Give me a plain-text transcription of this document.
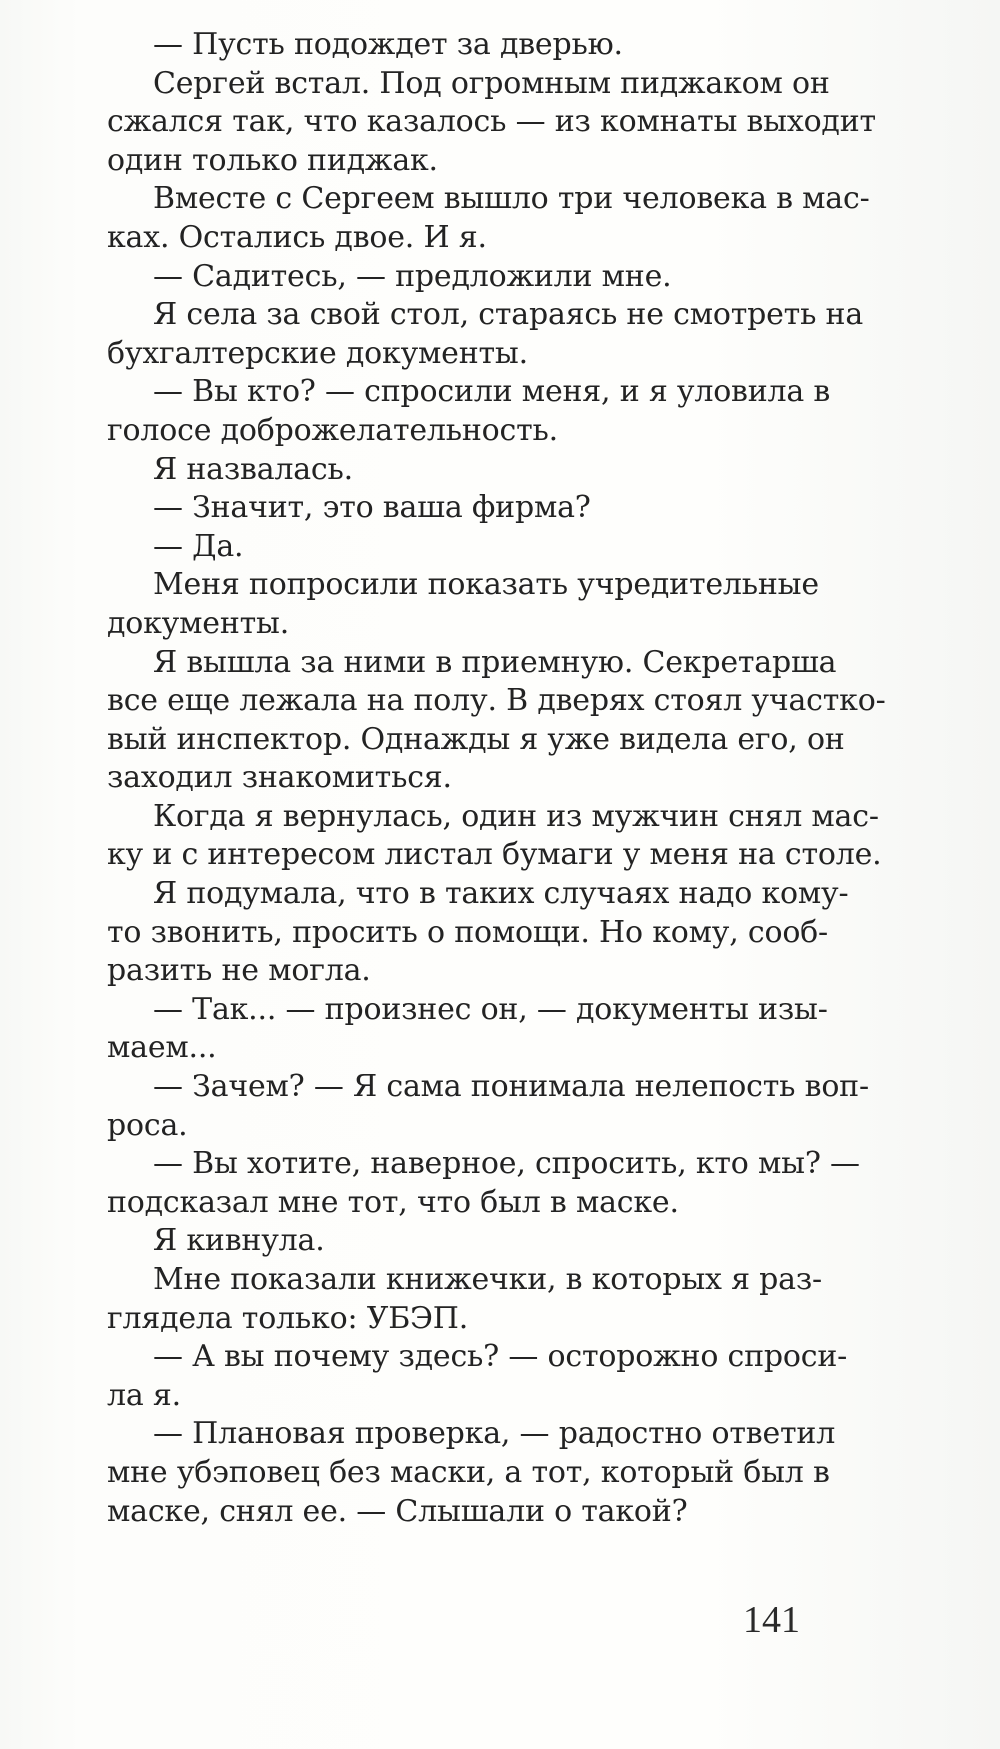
— Пусть подождет за дверью.
Сергей встал. Под огромным пиджаком он
сжался так, что казалось — из комнаты выходит
один только пиджак.
Вместе с Сергеем вышло три человека в мас-
ках. Остались двое. И я.
— Садитесь, — предложили мне.
Я села за свой стол, стараясь не смотреть на
бухгалтерские документы.
— Вы кто? — спросили меня, и я уловила в
голосе доброжелательность.
Я назвалась.
— Значит, это ваша фирма?
— Да.
Меня попросили показать учредительные
документы.
Я вышла за ними в приемную. Секретарша
все еще лежала на полу. В дверях стоял участко-
вый инспектор. Однажды я уже видела его, он
заходил знакомиться.
Когда я вернулась, один из мужчин снял мас-
ку и с интересом листал бумаги у меня на столе.
Я подумала, что в таких случаях надо кому-
то звонить, просить о помощи. Но кому, сооб-
разить не могла.
— Так... — произнес он, — документы изы-
маем...
— Зачем? — Я сама понимала нелепость воп-
роса.
— Вы хотите, наверное, спросить, кто мы? —
подсказал мне тот, что был в маске.
Я кивнула.
Мне показали книжечки, в которых я раз-
глядела только: УБЭП.
— А вы почему здесь? — осторожно спроси-
ла я.
— Плановая проверка, — радостно ответил
мне убэповец без маски, а тот, который был в
маске, снял ее. — Слышали о такой?
141
